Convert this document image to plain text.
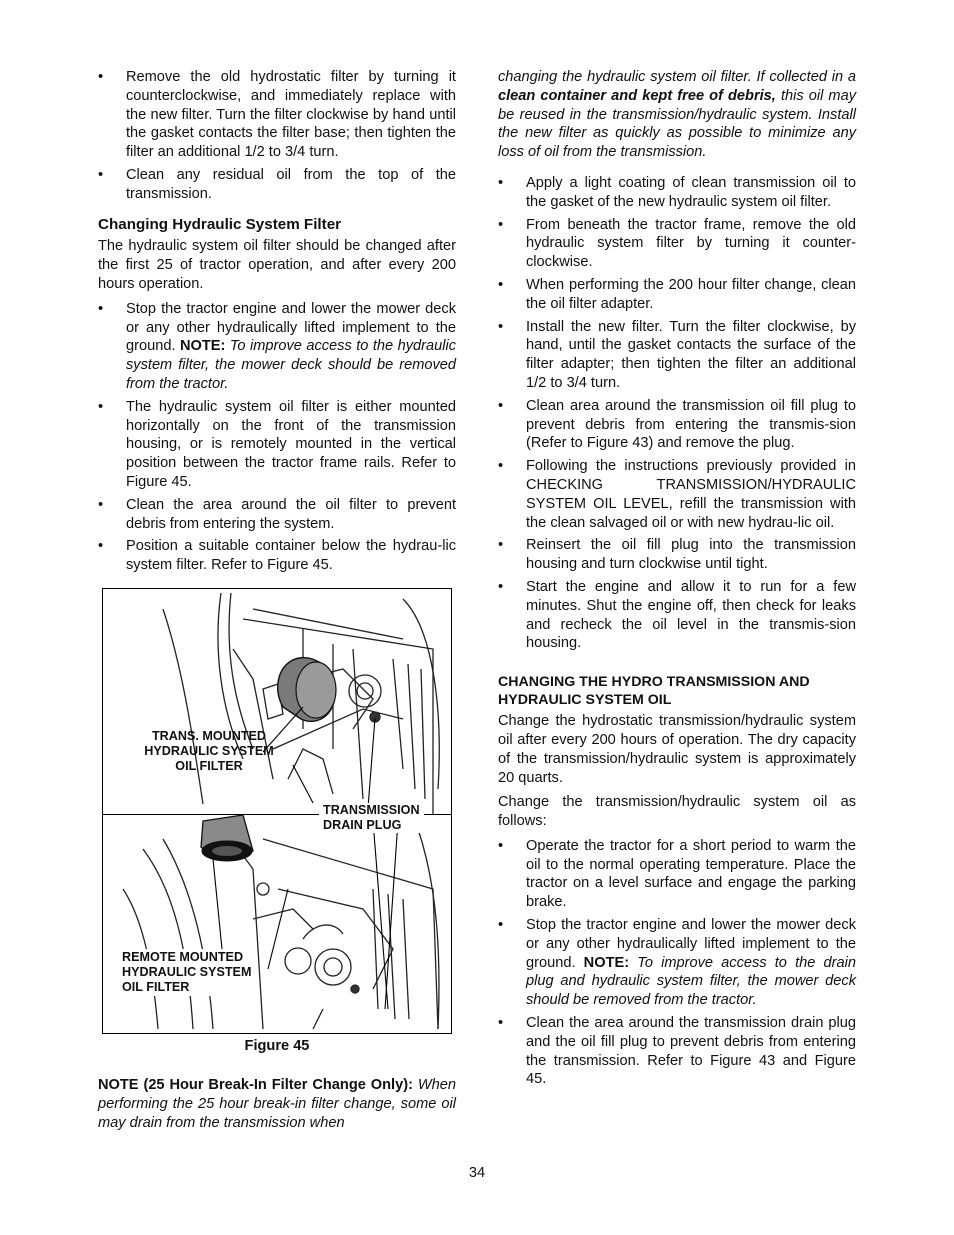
• Remove the old hydrostatic filter by turning it counterclockwise, and immediately replace with the new filter. Turn the filter clockwise by hand until the gasket contacts the filter base; then tighten the filter an additional 1/2 to 3/4 turn.
• Clean any residual oil from the top of the transmission.
Changing Hydraulic System Filter

The hydraulic system oil filter should be changed after the first 25 of tractor operation, and after every 200 hours operation.

• Stop the tractor engine and lower the mower deck or any other hydraulically lifted implement to the ground. NOTE: To improve access to the hydraulic system filter, the mower deck should be removed from the tractor.
• The hydraulic system oil filter is either mounted horizontally on the front of the transmission housing, or is remotely mounted in the vertical position between the tractor frame rails. Refer to Figure 45.
• Clean the area around the oil filter to prevent debris from entering the system.
• Position a suitable container below the hydrau-lic system filter. Refer to Figure 45.
TRANS. MOUNTED
HYDRAULIC SYSTEM
OIL FILTER
TRANSMISSION
DRAIN PLUG
REMOTE MOUNTED
HYDRAULIC SYSTEM
OIL FILTER
Figure 45
NOTE (25 Hour Break-In Filter Change Only): When performing the 25 hour break-in filter change, some oil may drain from the transmission when

changing the hydraulic system oil filter. If collected in a clean container and kept free of debris, this oil may be reused in the transmission/hydraulic system. Install the new filter as quickly as possible to minimize any loss of oil from the transmission.

• Apply a light coating of clean transmission oil to the gasket of the new hydraulic system oil filter.
• From beneath the tractor frame, remove the old hydraulic system filter by turning it counter-clockwise.
• When performing the 200 hour filter change, clean the oil filter adapter.
• Install the new filter. Turn the filter clockwise, by hand, until the gasket contacts the surface of the filter adapter; then tighten the filter an additional 1/2 to 3/4 turn.
• Clean area around the transmission oil fill plug to prevent debris from entering the transmis-sion (Refer to Figure 43) and remove the plug.
• Following the instructions previously provided in CHECKING TRANSMISSION/HYDRAULIC SYSTEM OIL LEVEL, refill the transmission with the clean salvaged oil or with new hydrau-lic oil.
• Reinsert the oil fill plug into the transmission housing and turn clockwise until tight.
• Start the engine and allow it to run for a few minutes. Shut the engine off, then check for leaks and recheck the oil level in the transmis-sion housing.
CHANGING THE HYDRO TRANSMISSION AND HYDRAULIC SYSTEM OIL

Change the hydrostatic transmission/hydraulic system oil after every 200 hours of operation. The dry capacity of the transmission/hydraulic system is approximately 20 quarts.

Change the transmission/hydraulic system oil as follows:

• Operate the tractor for a short period to warm the oil to the normal operating temperature. Place the tractor on a level surface and engage the parking brake.
• Stop the tractor engine and lower the mower deck or any other hydraulically lifted implement to the ground. NOTE: To improve access to the drain plug and hydraulic system filter, the mower deck should be removed from the tractor.
• Clean the area around the transmission drain plug and the oil fill plug to prevent debris from entering the transmission. Refer to Figure 43 and Figure 45.
34
